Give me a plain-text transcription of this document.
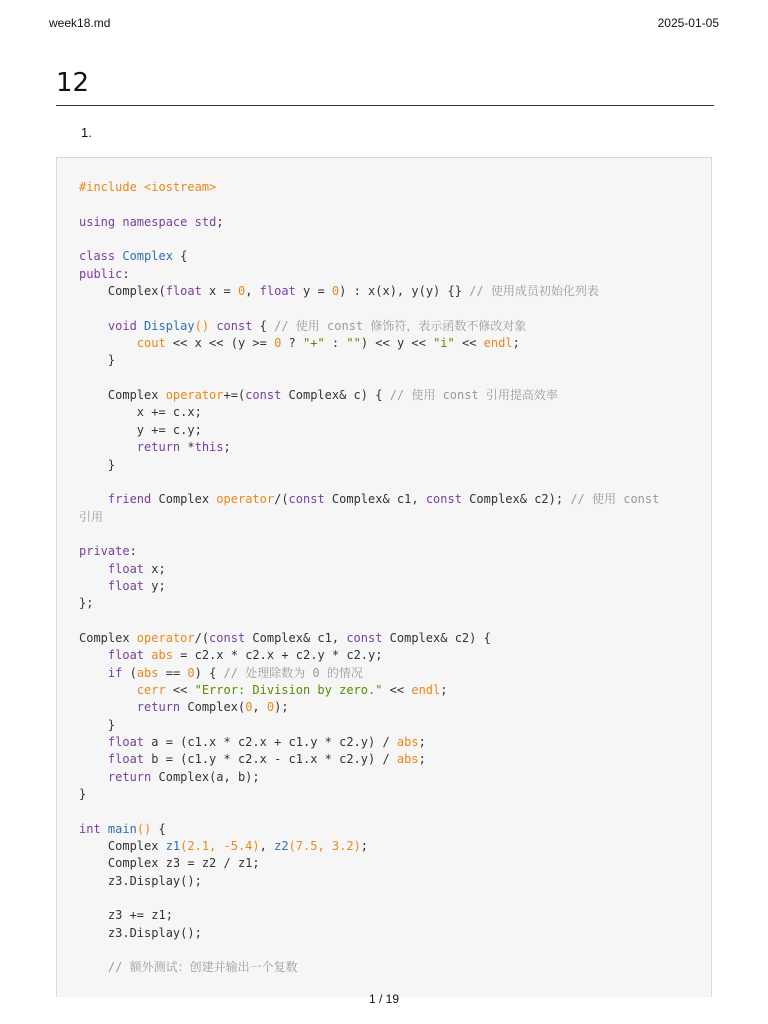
week18.md	2025-01-05
12
1.
#include <iostream>

using namespace std;

class Complex {
public:
Complex(float x = 0, float y = 0) : x(x), y(y) {} // 使用成员初始化列表

void Display() const { // 使用 const 修饰符，表示函数不修改对象
cout << x << (y >= 0 ? "+" : "") << y << "i" << endl;
}

Complex operator+=(const Complex& c) { // 使用 const 引用提高效率
x += c.x;
y += c.y;
return *this;
}

friend Complex operator/(const Complex& c1, const Complex& c2); // 使用 const
引用

private:
float x;
float y;
};

Complex operator/(const Complex& c1, const Complex& c2) {
float abs = c2.x * c2.x + c2.y * c2.y;
if (abs == 0) { // 处理除数为 0 的情况
cerr << "Error: Division by zero." << endl;
return Complex(0, 0);
}
float a = (c1.x * c2.x + c1.y * c2.y) / abs;
float b = (c1.y * c2.x - c1.x * c2.y) / abs;
return Complex(a, b);
}

int main() {
Complex z1(2.1, -5.4), z2(7.5, 3.2);
Complex z3 = z2 / z1;
z3.Display();

z3 += z1;
z3.Display();

// 额外测试：创建并输出一个复数
1 / 19
